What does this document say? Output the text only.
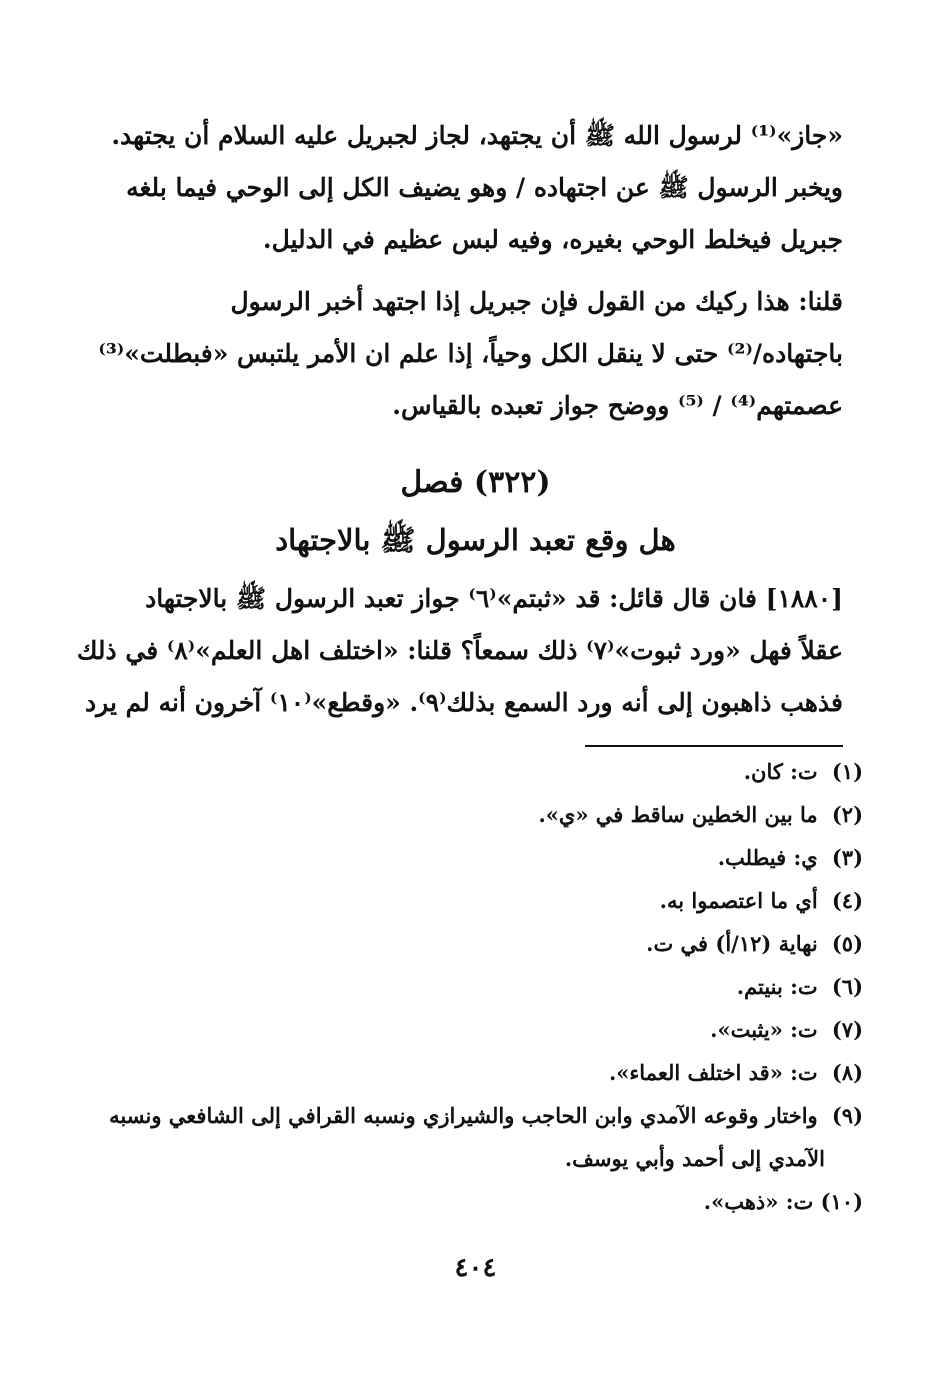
«جاز»⁽¹⁾ لرسول الله ﷺ أن يجتهد، لجاز لجبريل عليه السلام أن يجتهد.
ويخبر الرسول ﷺ عن اجتهاده / وهو يضيف الكل إلى الوحي فيما بلغه
جبريل فيخلط الوحي بغيره، وفيه لبس عظيم في الدليل.

قلنا: هذا ركيك من القول فإن جبريل إذا اجتهد أخبر الرسول
باجتهاده/⁽²⁾ حتى لا ينقل الكل وحياً، إذا علم ان الأمر يلتبس «فبطلت»⁽³⁾
عصمتهم⁽⁴⁾ / ⁽⁵⁾ ووضح جواز تعبده بالقياس.

(٣٢٢) فصل
هل وقع تعبد الرسول ﷺ بالاجتهاد
[١٨٨٠] فان قال قائل: قد «ثبتم»⁽٦⁾ جواز تعبد الرسول ﷺ بالاجتهاد
عقلاً فهل «ورد ثبوت»⁽٧⁾ ذلك سمعاً؟ قلنا: «اختلف اهل العلم»⁽٨⁾ في ذلك
فذهب ذاهبون إلى أنه ورد السمع بذلك⁽٩⁾. «وقطع»⁽١٠⁾ آخرون أنه لم يرد
(١) ت: كان.
(٢) ما بين الخطين ساقط في «ي».
(٣) ي: فيطلب.
(٤) أي ما اعتصموا به.
(٥) نهاية (١٢/أ) في ت.
(٦) ت: بنيتم.
(٧) ت: «يثبت».
(٨) ت: «قد اختلف العماء».
(٩) واختار وقوعه الآمدي وابن الحاجب والشيرازي ونسبه القرافي إلى الشافعي ونسبه
الآمدي إلى أحمد وأبي يوسف.
(١٠) ت: «ذهب».
٤٠٤
